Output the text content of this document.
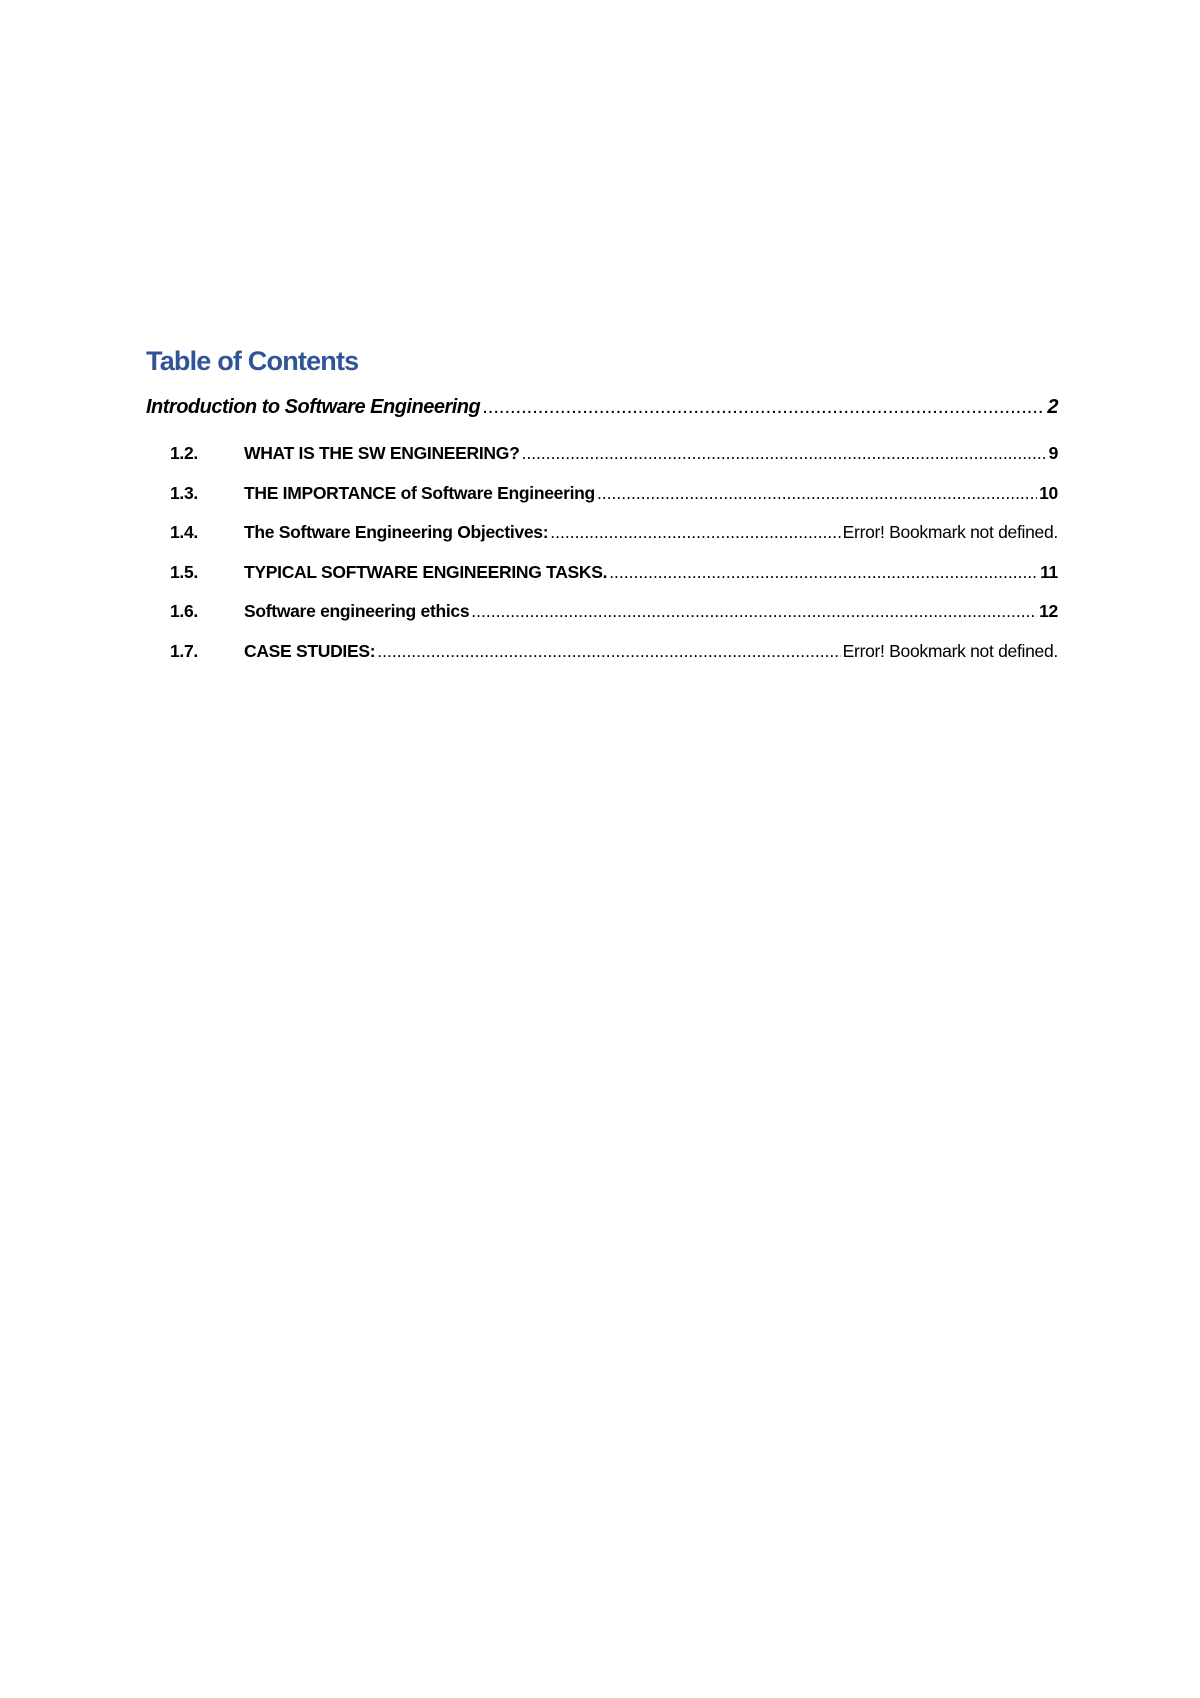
Table of Contents
Introduction to Software Engineering .....	2
1.2.	WHAT IS THE SW ENGINEERING? .....	9
1.3.	THE IMPORTANCE of Software Engineering .....	10
1.4.	The Software Engineering Objectives: .....	Error! Bookmark not defined.
1.5.	TYPICAL SOFTWARE ENGINEERING TASKS. .....	11
1.6.	Software engineering ethics .....	12
1.7.	CASE STUDIES: .....	Error! Bookmark not defined.
